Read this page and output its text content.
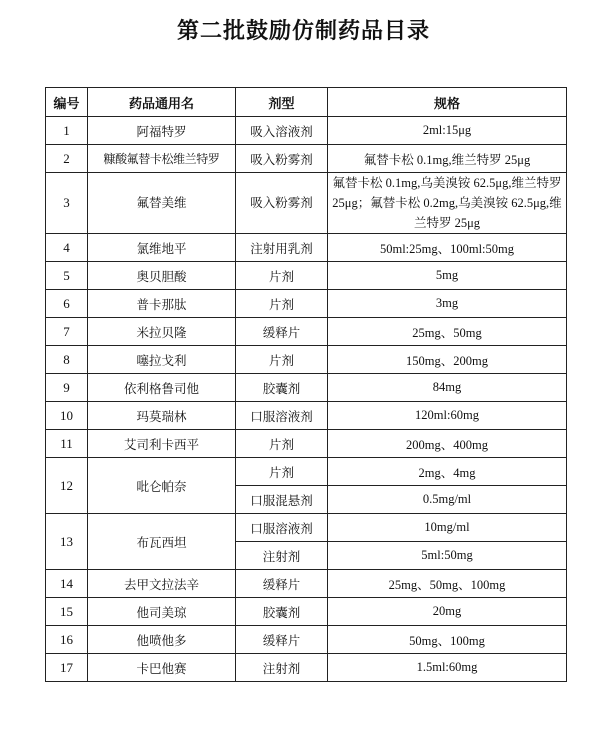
第二批鼓励仿制药品目录
编号	药品通用名	剂型	规格
1	阿福特罗	吸入溶液剂	2ml:15μg
2	糠酸氟替卡松维兰特罗	吸入粉雾剂	氟替卡松 0.1mg,维兰特罗 25μg
3	氟替美维	吸入粉雾剂	氟替卡松 0.1mg,乌美溴铵 62.5μg,维兰特罗 25μg；氟替卡松 0.2mg,乌美溴铵 62.5μg,维兰特罗 25μg
4	氯维地平	注射用乳剂	50ml:25mg、100ml:50mg
5	奥贝胆酸	片剂	5mg
6	普卡那肽	片剂	3mg
7	米拉贝隆	缓释片	25mg、50mg
8	噻拉戈利	片剂	150mg、200mg
9	依利格鲁司他	胶囊剂	84mg
10	玛莫瑞林	口服溶液剂	120ml:60mg
11	艾司利卡西平	片剂	200mg、400mg
12	吡仑帕奈	片剂	2mg、4mg
		口服混悬剂	0.5mg/ml
13	布瓦西坦	口服溶液剂	10mg/ml
		注射剂	5ml:50mg
14	去甲文拉法辛	缓释片	25mg、50mg、100mg
15	他司美琼	胶囊剂	20mg
16	他喷他多	缓释片	50mg、100mg
17	卡巴他赛	注射剂	1.5ml:60mg
